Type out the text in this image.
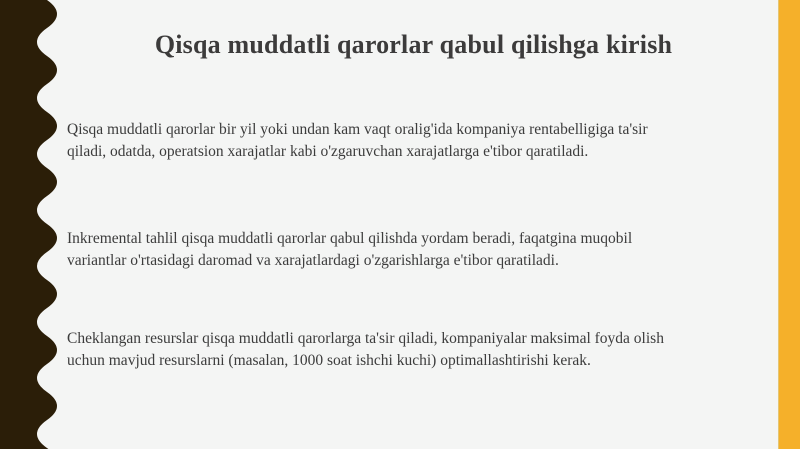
Qisqa muddatli qarorlar qabul qilishga kirish
Qisqa muddatli qarorlar bir yil yoki undan kam vaqt oralig'ida kompaniya rentabelligiga ta'sir
qiladi, odatda, operatsion xarajatlar kabi o'zgaruvchan xarajatlarga e'tibor qaratiladi.
Inkremental tahlil qisqa muddatli qarorlar qabul qilishda yordam beradi, faqatgina muqobil
variantlar o'rtasidagi daromad va xarajatlardagi o'zgarishlarga e'tibor qaratiladi.
Cheklangan resurslar qisqa muddatli qarorlarga ta'sir qiladi, kompaniyalar maksimal foyda olish
uchun mavjud resurslarni (masalan, 1000 soat ishchi kuchi) optimallashtirishi kerak.
